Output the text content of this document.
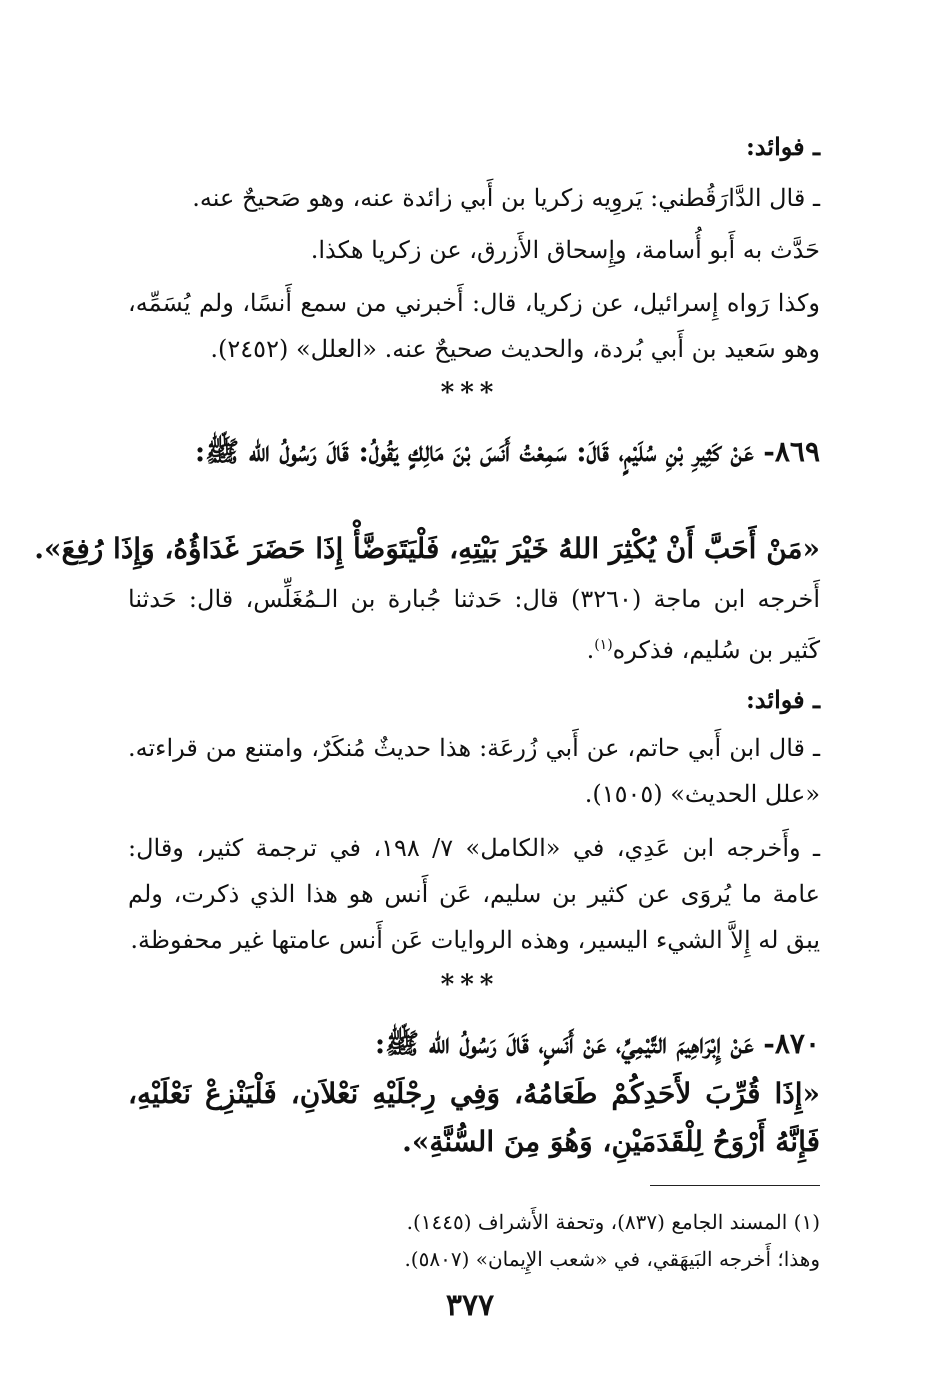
ـ فوائد:
ـ قال الدَّارَقُطني: يَروِيه زكريا بن أَبي زائدة عنه، وهو صَحيحٌ عنه.
حَدَّث به أَبو أُسامة، وإِسحاق الأَزرق، عن زكريا هكذا.
وكذا رَواه إِسرائيل، عن زكريا، قال: أَخبرني من سمع أَنسًا، ولم يُسَمِّه، وهو سَعيد بن أَبي بُردة، والحديث صحيحٌ عنه. «العلل» (٢٤٥٢).
***
٨٦٩- عَنْ كَثِيرِ بْنِ سُلَيْمٍ، قَالَ: سَمِعْتُ أَنَسَ بْنَ مَالِكٍ يَقُولُ: قَالَ رَسُولُ الله ﷺ:
«مَنْ أَحَبَّ أَنْ يُكْثِرَ اللهُ خَيْرَ بَيْتِهِ، فَلْيَتَوَضَّأْ إِذَا حَضَرَ غَدَاؤُهُ، وَإِذَا رُفِعَ».
أَخرجه ابن ماجة (٣٢٦٠) قال: حَدثنا جُبارة بن الـمُغَلِّس، قال: حَدثنا كَثير بن سُليم، فذكره$^{(١)}$.
ـ فوائد:
ـ قال ابن أَبي حاتم، عن أَبي زُرعَة: هذا حديثٌ مُنكَرٌ، وامتنع من قراءته. «علل الحديث» (١٥٠٥).
ـ وأَخرجه ابن عَدِي، في «الكامل» ٧/ ١٩٨، في ترجمة كثير، وقال: عامة ما يُروَى عن كثير بن سليم، عَن أَنس هو هذا الذي ذكرت، ولم يبق له إِلاَّ الشيء اليسير، وهذه الروايات عَن أَنس عامتها غير محفوظة.
***
٨٧٠- عَنْ إِبْرَاهِيمَ التَّيْمِيِّ، عَنْ أَنَسٍ، قَالَ رَسُولُ الله ﷺ:
«إِذَا قُرِّبَ لأَحَدِكُمْ طَعَامُهُ، وَفِي رِجْلَيْهِ نَعْلاَنِ، فَلْيَنْزِعْ نَعْلَيْهِ، فَإِنَّهُ أَرْوَحُ لِلْقَدَمَيْنِ، وَهُوَ مِنَ السُّنَّةِ».
(١) المسند الجامع (٨٣٧)، وتحفة الأَشراف (١٤٤٥).
وهذا؛ أَخرجه البَيهَقي، في «شعب الإِيمان» (٥٨٠٧).
٣٧٧
